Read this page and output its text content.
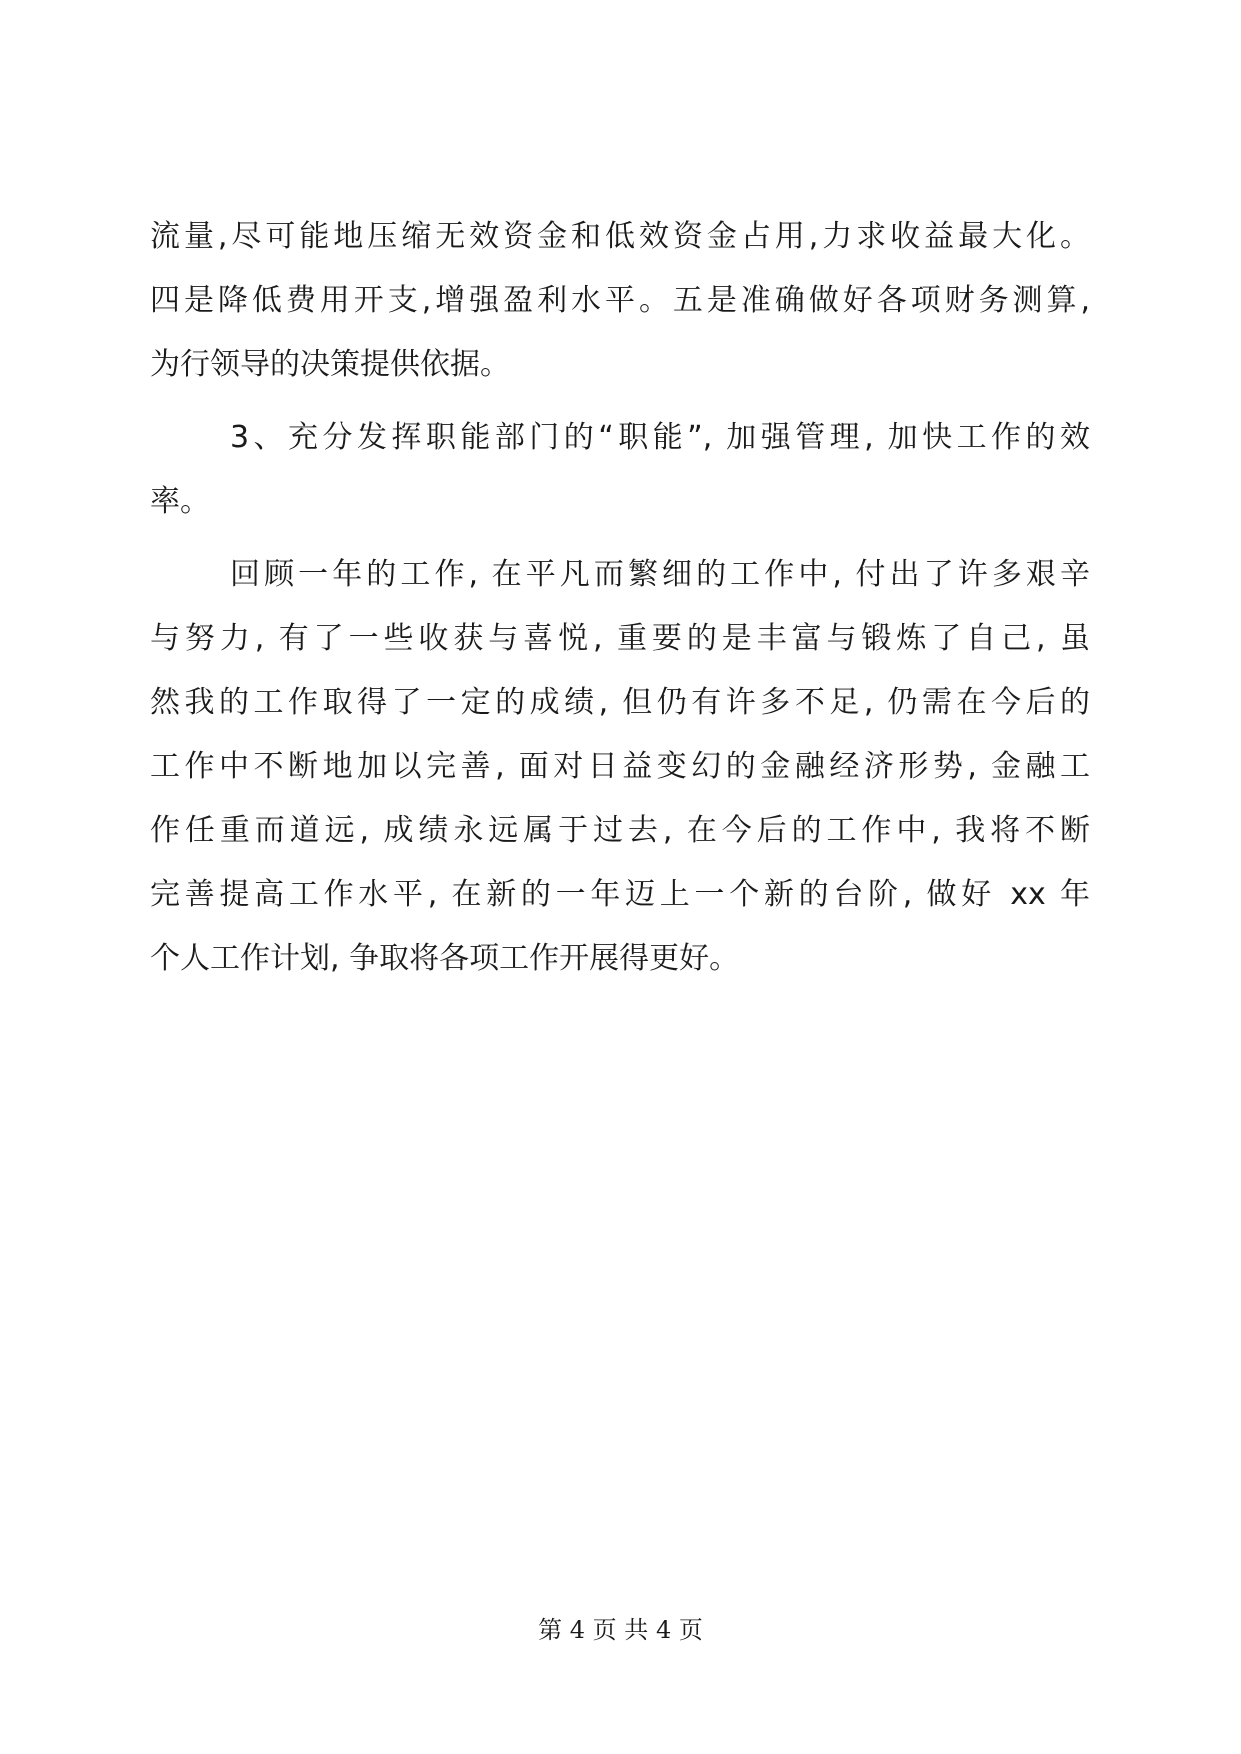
流量,尽可能地压缩无效资金和低效资金占用,力求收益最大化。
四是降低费用开支,增强盈利水平。五是准确做好各项财务测算,
为行领导的决策提供依据。
3、充分发挥职能部门的“职能”, 加强管理, 加快工作的效
率。
回顾一年的工作, 在平凡而繁细的工作中, 付出了许多艰辛
与努力, 有了一些收获与喜悦, 重要的是丰富与锻炼了自己, 虽
然我的工作取得了一定的成绩, 但仍有许多不足, 仍需在今后的
工作中不断地加以完善, 面对日益变幻的金融经济形势, 金融工
作任重而道远, 成绩永远属于过去, 在今后的工作中, 我将不断
完善提高工作水平, 在新的一年迈上一个新的台阶, 做好 xx 年
个人工作计划, 争取将各项工作开展得更好。
第 4 页 共 4 页
